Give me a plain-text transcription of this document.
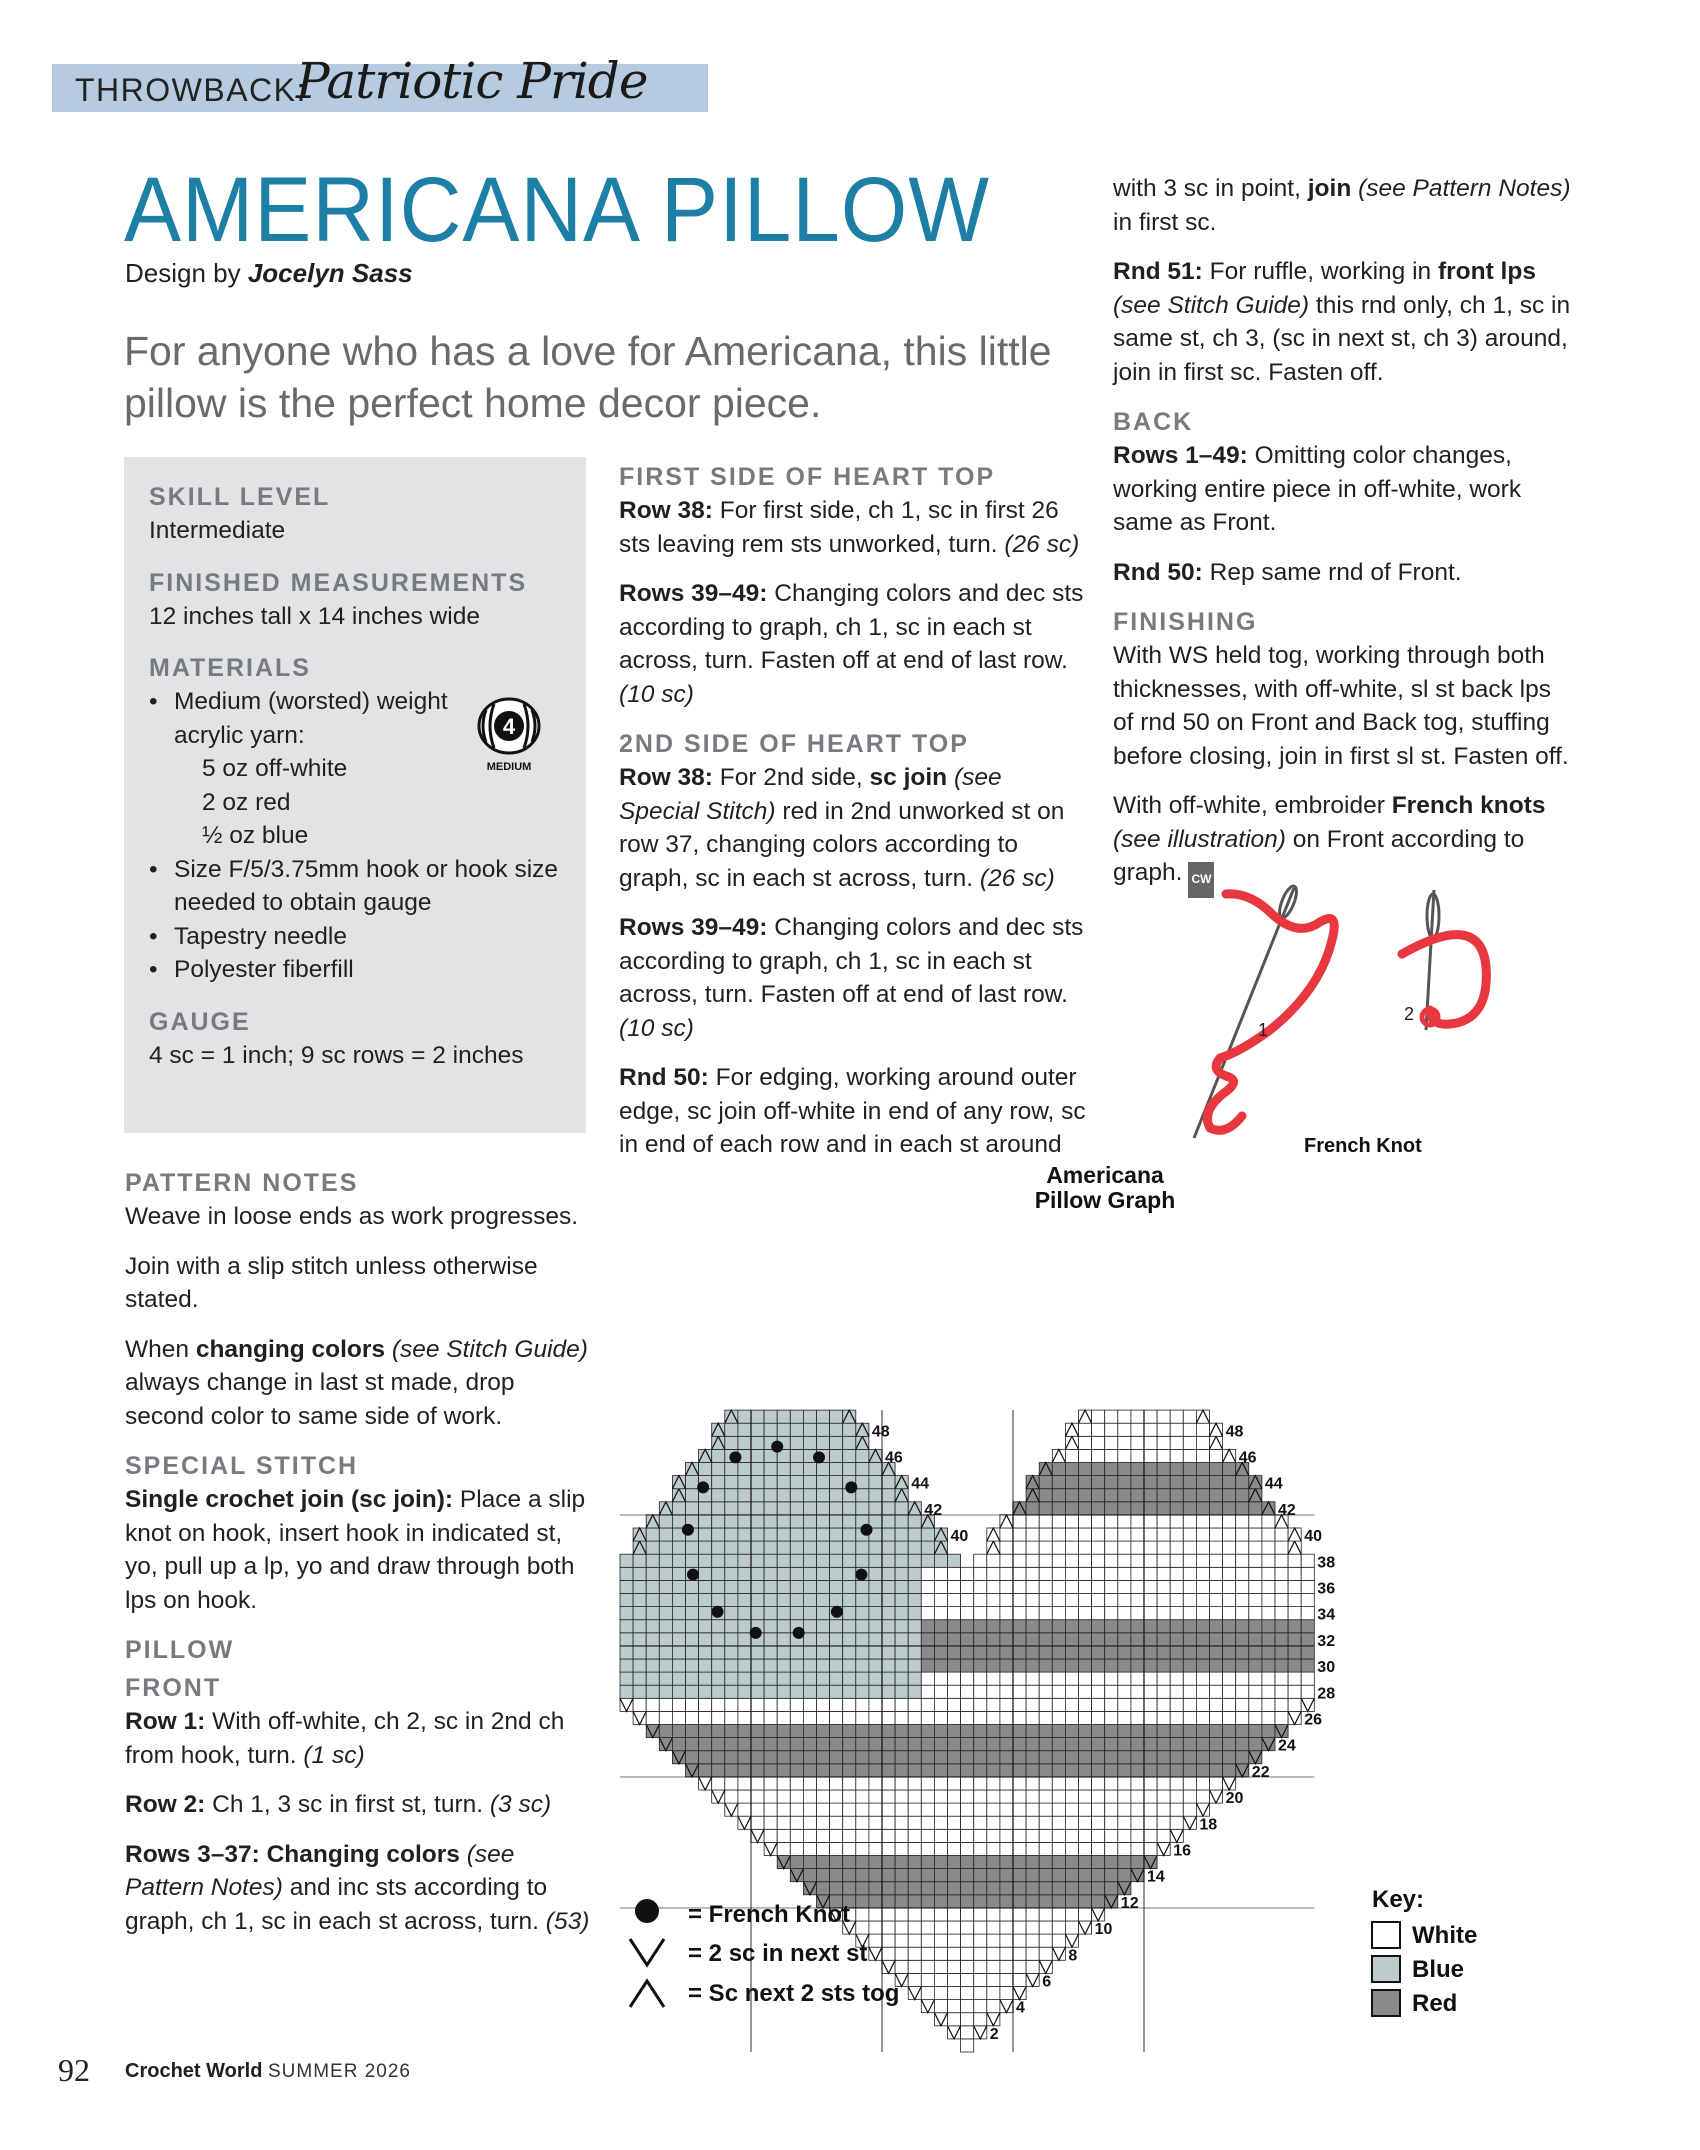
THROWBACK:
Patriotic Pride
AMERICANA PILLOW
Design by Jocelyn Sass
For anyone who has a love for Americana, this little pillow is the perfect home decor piece.
SKILL LEVEL
Intermediate
FINISHED MEASUREMENTS
12 inches tall x 14 inches wide
MATERIALS
• Medium (worsted) weight acrylic yarn:
5 oz off-white
2 oz red
½ oz blue
• Size F/5/3.75mm hook or hook size needed to obtain gauge
• Tapestry needle
• Polyester fiberfill
GAUGE
4 sc = 1 inch; 9 sc rows = 2 inches
4
MEDIUM
PATTERN NOTES

Weave in loose ends as work progresses.

Join with a slip stitch unless otherwise stated.

When changing colors (see Stitch Guide) always change in last st made, drop second color to same side of work.

SPECIAL STITCH

Single crochet join (sc join): Place a slip knot on hook, insert hook in indicated st, yo, pull up a lp, yo and draw through both lps on hook.

PILLOW
FRONT

Row 1: With off-white, ch 2, sc in 2nd ch from hook, turn. (1 sc)

Row 2: Ch 1, 3 sc in first st, turn. (3 sc)

Rows 3–37: Changing colors (see Pattern Notes) and inc sts according to graph, ch 1, sc in each st across, turn. (53)

FIRST SIDE OF HEART TOP

Row 38: For first side, ch 1, sc in first 26 sts leaving rem sts unworked, turn. (26 sc)

Rows 39–49: Changing colors and dec sts according to graph, ch 1, sc in each st across, turn. Fasten off at end of last row. (10 sc)

2ND SIDE OF HEART TOP

Row 38: For 2nd side, sc join (see Special Stitch) red in 2nd unworked st on row 37, changing colors according to graph, sc in each st across, turn. (26 sc)

Rows 39–49: Changing colors and dec sts according to graph, ch 1, sc in each st across, turn. Fasten off at end of last row. (10 sc)

Rnd 50: For edging, working around outer edge, sc join off-white in end of any row, sc in end of each row and in each st around

with 3 sc in point, join (see Pattern Notes) in first sc.

Rnd 51: For ruffle, working in front lps (see Stitch Guide) this rnd only, ch 1, sc in same st, ch 3, (sc in next st, ch 3) around, join in first sc. Fasten off.

BACK

Rows 1–49: Omitting color changes, working entire piece in off-white, work same as Front.

Rnd 50: Rep same rnd of Front.

FINISHING

With WS held tog, working through both thicknesses, with off-white, sl st back lps of rnd 50 on Front and Back tog, stuffing before closing, join in first sl st. Fasten off.

With off-white, embroider French knots (see illustration) on Front according to graph. CW

1
2
French Knot
Americana
Pillow Graph
48
46
44
42
40
38
36
34
32
30
28
26
24
22
20
18
16
14
12
10
8
6
4
2
48
46
44
42
40
= French Knot
= 2 sc in next st
= Sc next 2 sts tog
Key:
White
Blue
Red
92 Crochet World SUMMER 2026
